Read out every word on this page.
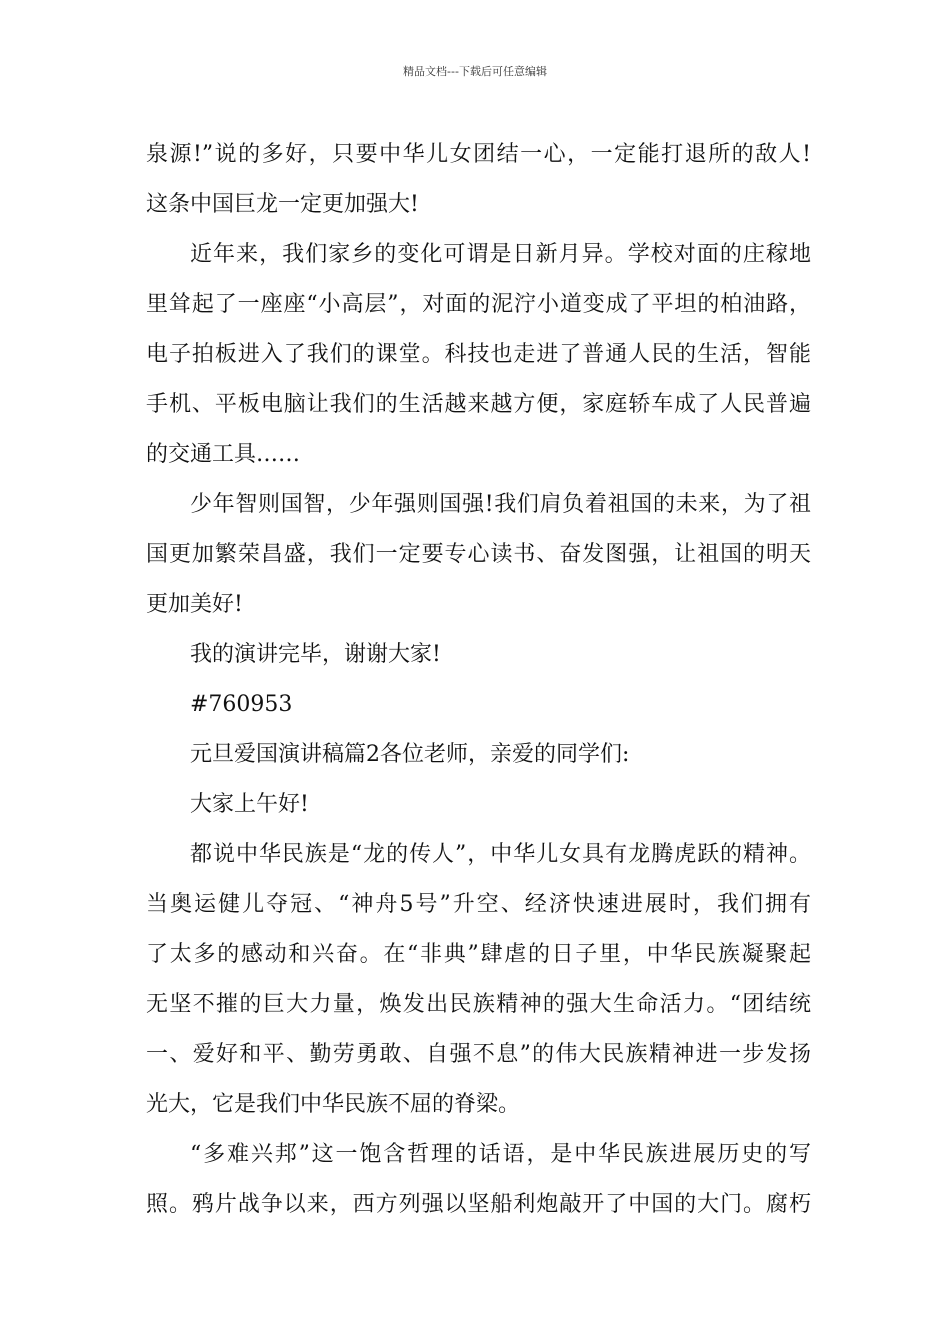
精品文档---下载后可任意编辑
泉源!”说的多好，只要中华儿女团结一心，一定能打退所的敌人!
这条中国巨龙一定更加强大!
近年来，我们家乡的变化可谓是日新月异。学校对面的庄稼地
里耸起了一座座“小高层”，对面的泥泞小道变成了平坦的柏油路，
电子拍板进入了我们的课堂。科技也走进了普通人民的生活，智能
手机、平板电脑让我们的生活越来越方便，家庭轿车成了人民普遍
的交通工具……
少年智则国智，少年强则国强!我们肩负着祖国的未来，为了祖
国更加繁荣昌盛，我们一定要专心读书、奋发图强，让祖国的明天
更加美好!
我的演讲完毕，谢谢大家!
#760953
元旦爱国演讲稿篇2各位老师，亲爱的同学们:
大家上午好!
都说中华民族是“龙的传人”，中华儿女具有龙腾虎跃的精神。
当奥运健儿夺冠、“神舟5号”升空、经济快速进展时，我们拥有
了太多的感动和兴奋。在“非典”肆虐的日子里，中华民族凝聚起
无坚不摧的巨大力量，焕发出民族精神的强大生命活力。“团结统
一、爱好和平、勤劳勇敢、自强不息”的伟大民族精神进一步发扬
光大，它是我们中华民族不屈的脊梁。
“多难兴邦”这一饱含哲理的话语，是中华民族进展历史的写
照。鸦片战争以来，西方列强以坚船利炮敲开了中国的大门。腐朽
